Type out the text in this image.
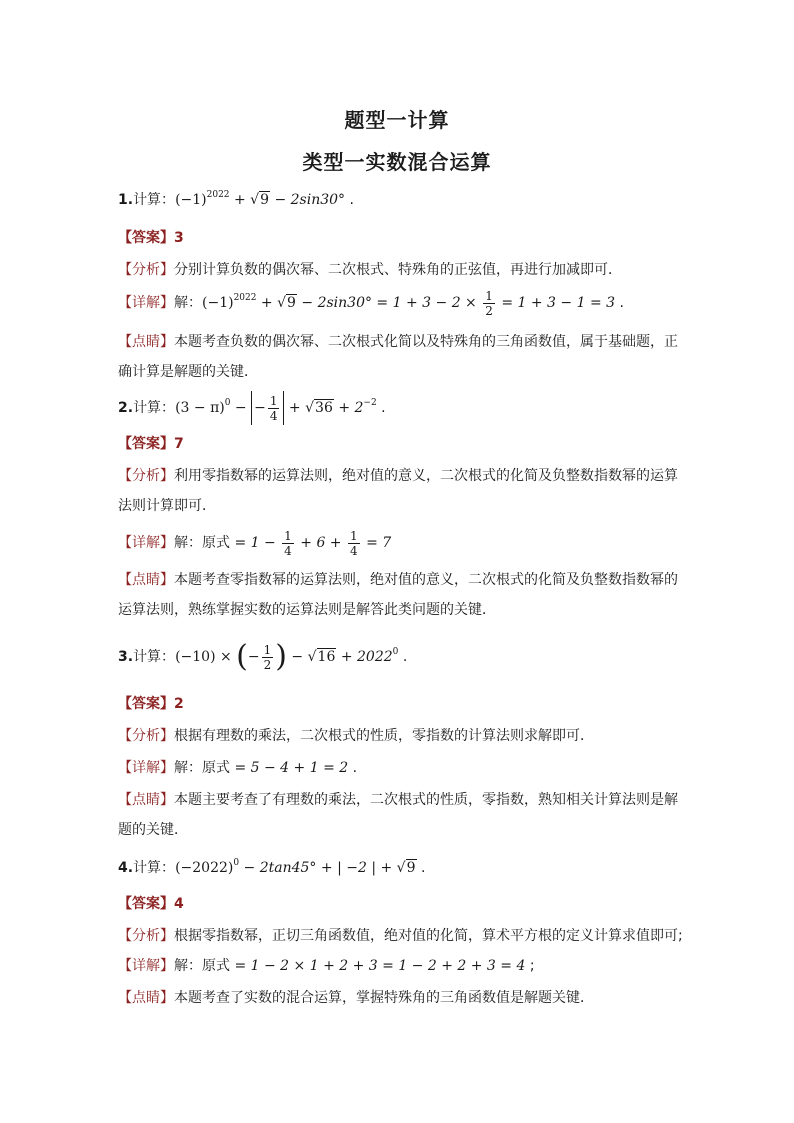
题型一计算
类型一实数混合运算
1.计算：$(-1)^{2022} + √9 - 2\sin 30^\circ$ .
【答案】3
【分析】分别计算负数的偶次幂、二次根式、特殊角的正弦值，再进行加减即可．
【详解】解：$(-1)^{2022} + √9 - 2\sin 30^\circ = 1 + 3 - 2 \times \frac{1}{2} = 1 + 3 - 1 = 3$ .
【点睛】本题考查负数的偶次幂、二次根式化简以及特殊角的三角函数值，属于基础题，正
确计算是解题的关键．
2.计算：$(3 - \pi)^0$ − − $\frac{1}{4} + √36 + 2^{-2}$ .
【答案】7
【分析】利用零指数幂的运算法则，绝对值的意义，二次根式的化简及负整数指数幂的运算
法则计算即可．
【详解】解：原式 = $1 - \frac{1}{4} + 6 + \frac{1}{4} = 7$
【点睛】本题考查零指数幂的运算法则，绝对值的意义，二次根式的化简及负整数指数幂的
运算法则，熟练掌握实数的运算法则是解答此类问题的关键．
3.计算：(−10) × (− $\frac{1}{2}$ ) − $√16 + 2022^0$ .
【答案】2
【分析】根据有理数的乘法，二次根式的性质，零指数的计算法则求解即可．
【详解】解：原式 = 5 − 4 + 1 = 2 .
【点睛】本题主要考查了有理数的乘法，二次根式的性质，零指数，熟知相关计算法则是解
题的关键．
4.计算：$(-2022)^0 - 2\tan 45^\circ$ + | −2 | + √9 .
【答案】4
【分析】根据零指数幂，正切三角函数值，绝对值的化简，算术平方根的定义计算求值即可;
【详解】解：原式 = 1 − 2 × 1 + 2 + 3 = 1 − 2 + 2 + 3 = 4 ;
【点睛】本题考查了实数的混合运算，掌握特殊角的三角函数值是解题关键．
